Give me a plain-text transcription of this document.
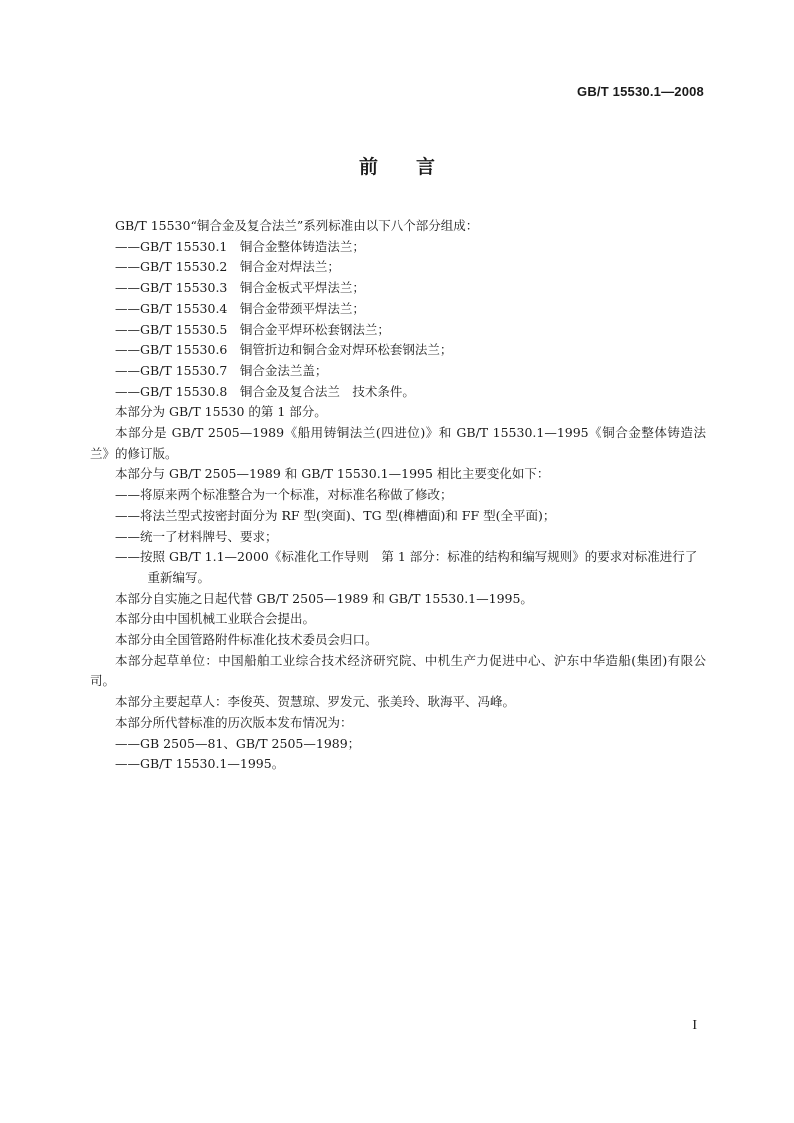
GB/T 15530.1—2008
前言

GB/T 15530“铜合金及复合法兰”系列标准由以下八个部分组成：

——GB/T 15530.1　铜合金整体铸造法兰；

——GB/T 15530.2　铜合金对焊法兰；

——GB/T 15530.3　铜合金板式平焊法兰；

——GB/T 15530.4　铜合金带颈平焊法兰；

——GB/T 15530.5　铜合金平焊环松套钢法兰；

——GB/T 15530.6　铜管折边和铜合金对焊环松套钢法兰；

——GB/T 15530.7　铜合金法兰盖；

——GB/T 15530.8　铜合金及复合法兰　技术条件。

本部分为 GB/T 15530 的第 1 部分。

本部分是 GB/T 2505—1989《船用铸铜法兰(四进位)》和 GB/T 15530.1—1995《铜合金整体铸造法兰》的修订版。

本部分与 GB/T 2505—1989 和 GB/T 15530.1—1995 相比主要变化如下：

——将原来两个标准整合为一个标准，对标准名称做了修改；

——将法兰型式按密封面分为 RF 型(突面)、TG 型(榫槽面)和 FF 型(全平面)；

——统一了材料牌号、要求；

——按照 GB/T 1.1—2000《标准化工作导则　第 1 部分：标准的结构和编写规则》的要求对标准进行了重新编写。

本部分自实施之日起代替 GB/T 2505—1989 和 GB/T 15530.1—1995。

本部分由中国机械工业联合会提出。

本部分由全国管路附件标准化技术委员会归口。

本部分起草单位：中国船舶工业综合技术经济研究院、中机生产力促进中心、沪东中华造船(集团)有限公司。

本部分主要起草人：李俊英、贺慧琼、罗发元、张美玲、耿海平、冯峰。

本部分所代替标准的历次版本发布情况为：

——GB 2505—81、GB/T 2505—1989；

——GB/T 15530.1—1995。

I
